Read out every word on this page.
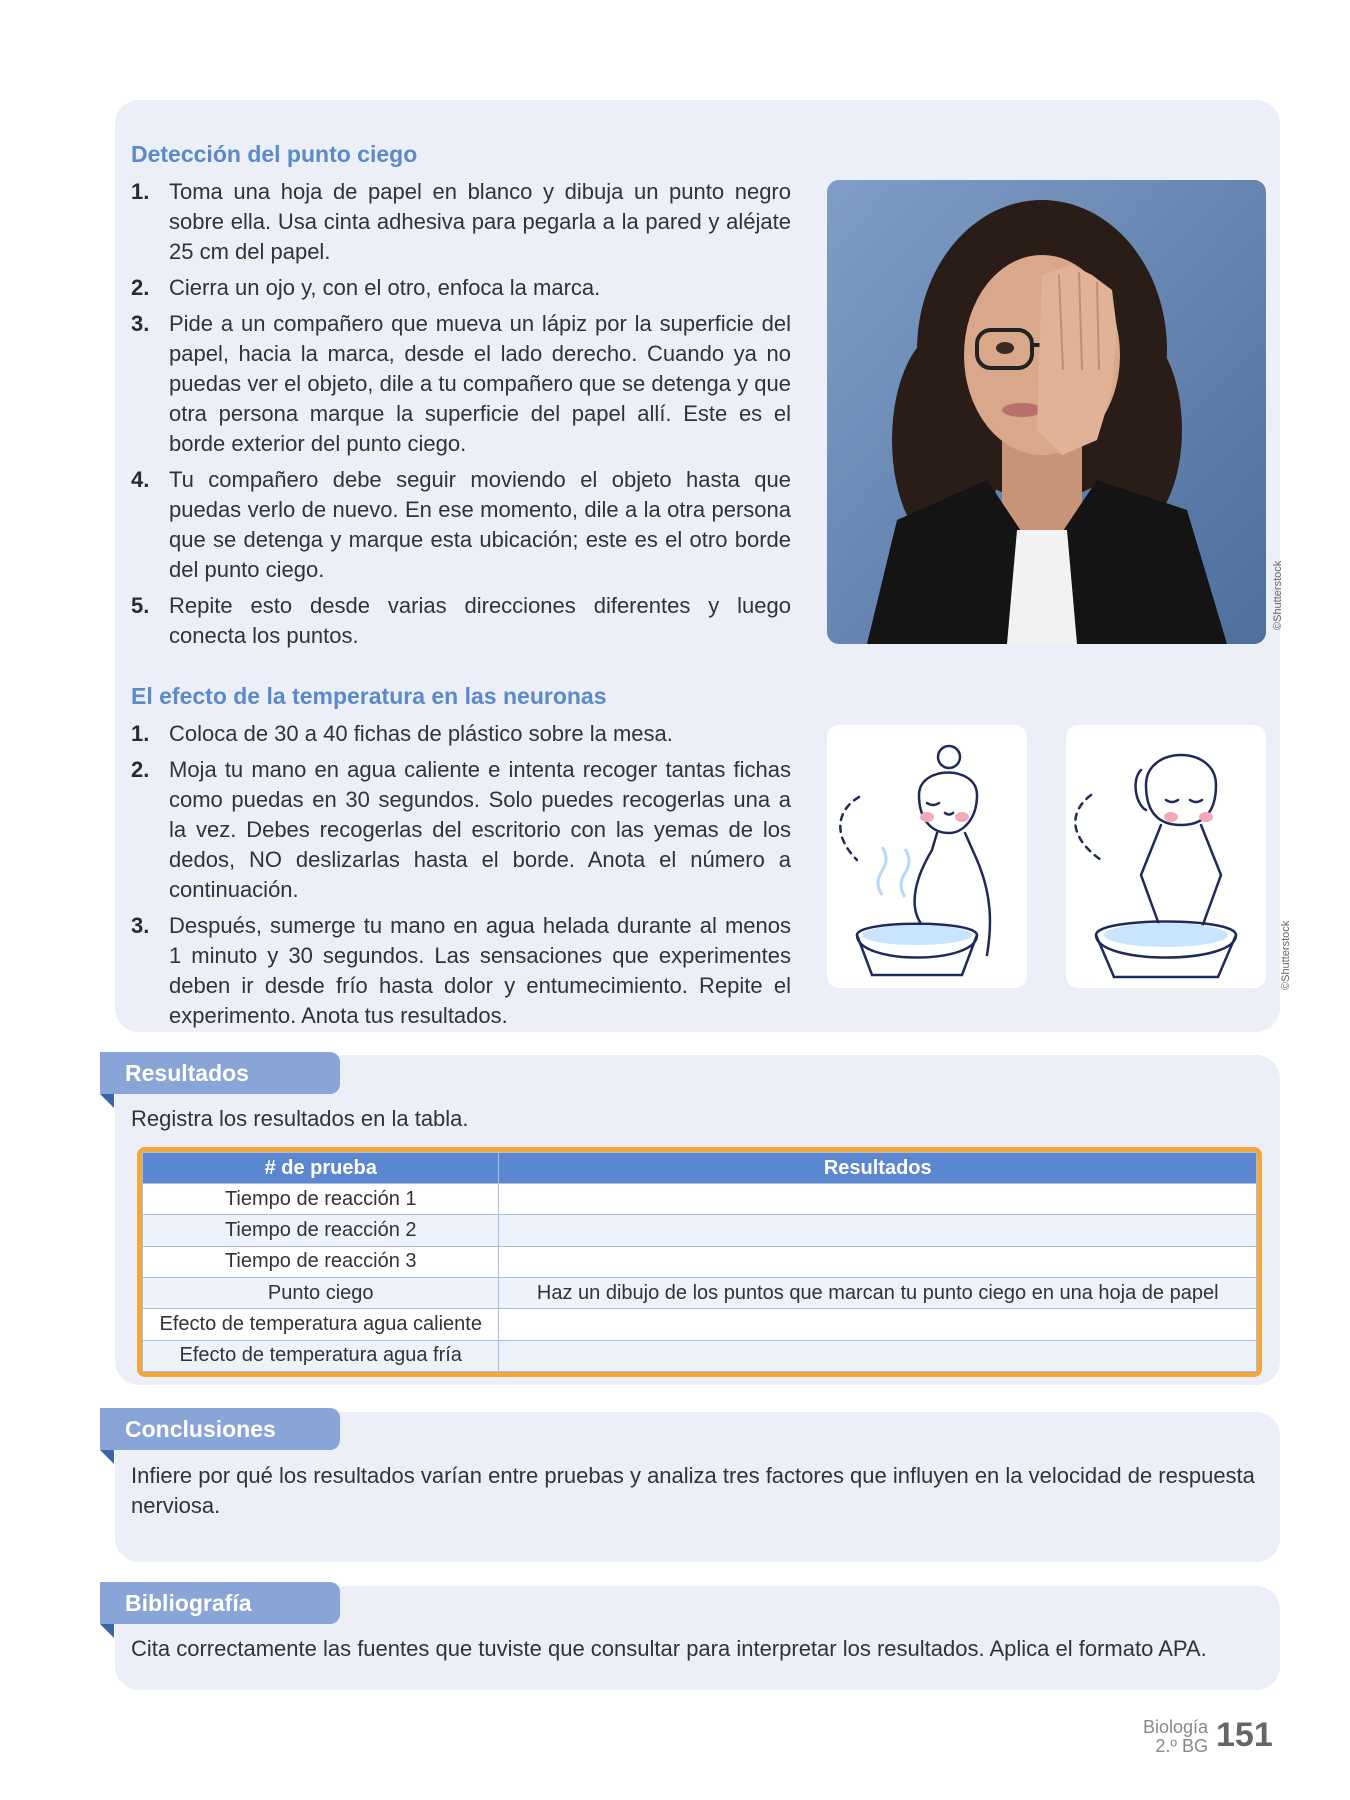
Detección del punto ciego
1. Toma una hoja de papel en blanco y dibuja un punto negro sobre ella. Usa cinta adhesiva para pegarla a la pared y aléjate 25 cm del papel.
2. Cierra un ojo y, con el otro, enfoca la marca.
3. Pide a un compañero que mueva un lápiz por la superficie del papel, hacia la marca, desde el lado derecho. Cuando ya no puedas ver el objeto, dile a tu compañero que se detenga y que otra persona marque la superficie del papel allí. Este es el borde exterior del punto ciego.
4. Tu compañero debe seguir moviendo el objeto hasta que puedas verlo de nuevo. En ese momento, dile a la otra persona que se detenga y marque esta ubicación; este es el otro borde del punto ciego.
5. Repite esto desde varias direcciones diferentes y luego conecta los puntos.
©Shutterstock
El efecto de la temperatura en las neuronas
1. Coloca de 30 a 40 fichas de plástico sobre la mesa.
2. Moja tu mano en agua caliente e intenta recoger tantas fichas como puedas en 30 segundos. Solo puedes recogerlas una a la vez. Debes recogerlas del escritorio con las yemas de los dedos, NO deslizarlas hasta el borde. Anota el número a continuación.
3. Después, sumerge tu mano en agua helada durante al menos 1 minuto y 30 segundos. Las sensaciones que experimentes deben ir desde frío hasta dolor y entumecimiento. Repite el experimento. Anota tus resultados.
©Shutterstock
Resultados
Registra los resultados en la tabla.
# de prueba	Resultados
Tiempo de reacción 1	
Tiempo de reacción 2	
Tiempo de reacción 3	
Punto ciego	Haz un dibujo de los puntos que marcan tu punto ciego en una hoja de papel
Efecto de temperatura agua caliente	
Efecto de temperatura agua fría	
Conclusiones
Infiere por qué los resultados varían entre pruebas y analiza tres factores que influyen en la velocidad de respuesta nerviosa.
Bibliografía
Cita correctamente las fuentes que tuviste que consultar para interpretar los resultados. Aplica el formato APA.
Biología
2.º BG 151
